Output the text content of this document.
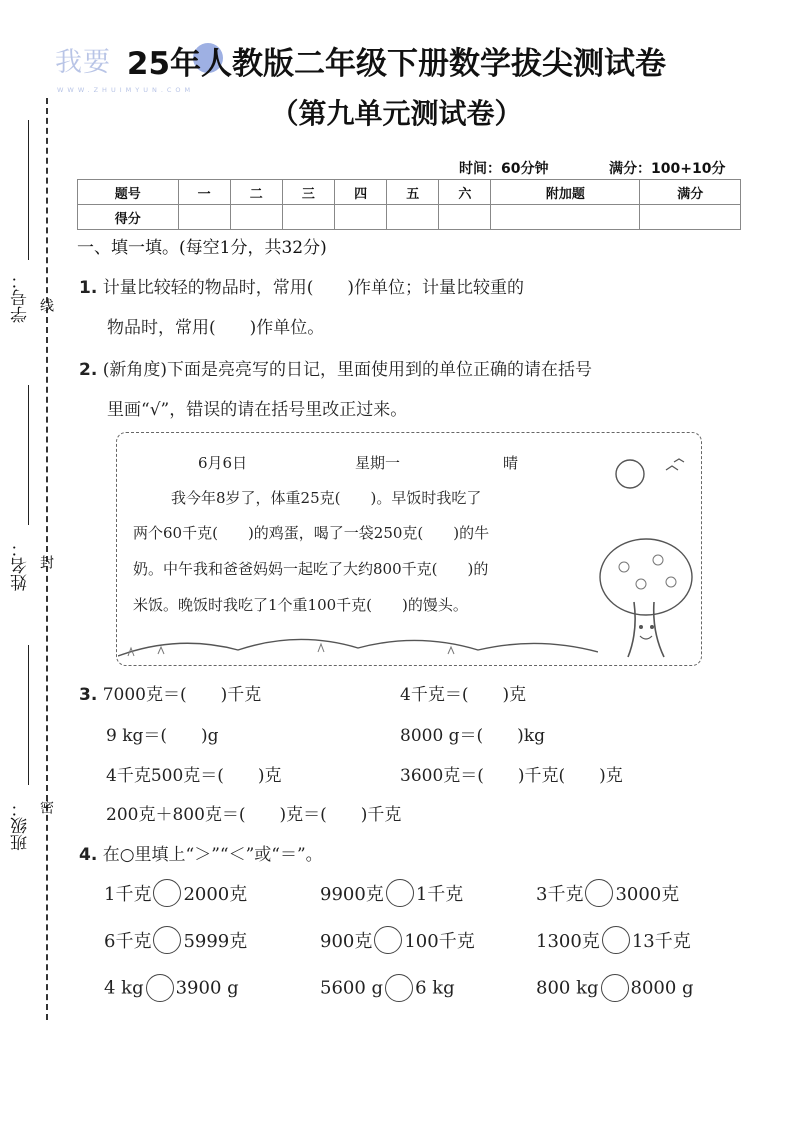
我要
WWW.ZHUIMYUN.COM
25年人教版二年级下册数学拔尖测试卷
（第九单元测试卷）
时间：60分钟	满分：100+10分
学号： 线
姓名： 封
班级： 密
题号	一	二	三	四	五	六	附加题	满分
得分								
一、填一填。(每空1分，共32分)
1. 计量比较轻的物品时，常用(　　)作单位；计量比较重的
物品时，常用(　　)作单位。
2. (新角度)下面是亮亮写的日记，里面使用到的单位正确的请在括号
里画“√”，错误的请在括号里改正过来。
6月6日	星期一	晴
我今年8岁了，体重25克(　　)。早饭时我吃了
两个60千克(　　)的鸡蛋，喝了一袋250克(　　)的牛
奶。中午我和爸爸妈妈一起吃了大约800千克(　　)的
米饭。晚饭时我吃了1个重100千克(　　)的馒头。
3. 7000克＝(　　)千克	4千克＝(　　)克
9 kg＝(　　)g	8000 g＝(　　)kg
4千克500克＝(　　)克	3600克＝(　　)千克(　　)克
200克＋800克＝(　　)克＝(　　)千克
4. 在○里填上“＞”“＜”或“＝”。
1千克 2000克	9900克 1千克	3千克 3000克
6千克 5999克	900克 100千克	1300克 13千克
4 kg 3900 g	5600 g 6 kg	800 kg 8000 g
